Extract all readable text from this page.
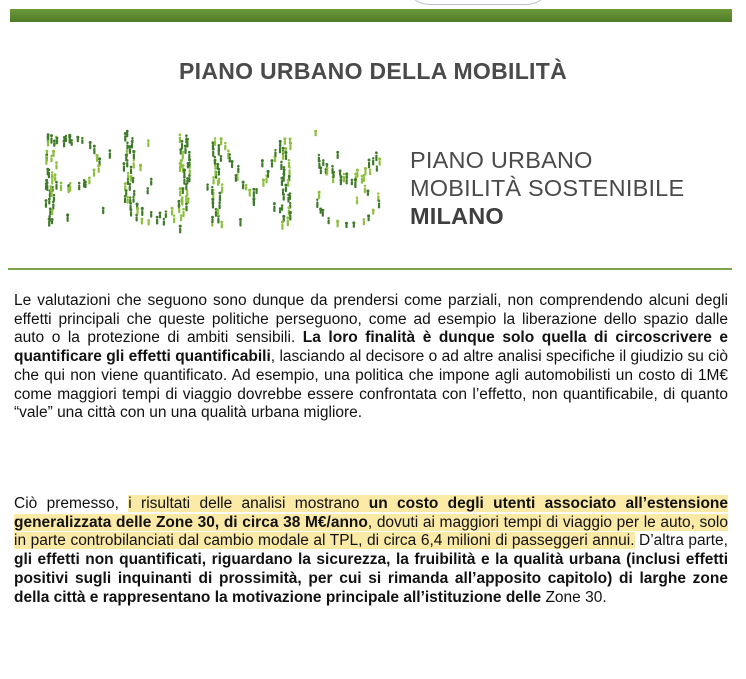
PIANO URBANO DELLA MOBILITÀ
PIANO URBANO
MOBILITÀ SOSTENIBILE
MILANO

Le valutazioni che seguono sono dunque da prendersi come parziali, non comprendendo alcuni degli effetti principali che queste politiche perseguono, come ad esempio la liberazione dello spazio dalle auto o la protezione di ambiti sensibili. La loro finalità è dunque solo quella di circoscrivere e quantificare gli effetti quantificabili, lasciando al decisore o ad altre analisi specifiche il giudizio su ciò che qui non viene quantificato. Ad esempio, una politica che impone agli automobilisti un costo di 1M€ come maggiori tempi di viaggio dovrebbe essere confrontata con l’effetto, non quantificabile, di quanto “vale” una città con un una qualità urbana migliore.

Ciò premesso, i risultati delle analisi mostrano un costo degli utenti associato all’estensione generalizzata delle Zone 30, di circa 38 M€/anno, dovuti ai maggiori tempi di viaggio per le auto, solo in parte controbilanciati dal cambio modale al TPL, di circa 6,4 milioni di passeggeri annui. D’altra parte, gli effetti non quantificati, riguardano la sicurezza, la fruibilità e la qualità urbana (inclusi effetti positivi sugli inquinanti di prossimità, per cui si rimanda all’apposito capitolo) di larghe zone della città e rappresentano la motivazione principale all’istituzione delle Zone 30.
